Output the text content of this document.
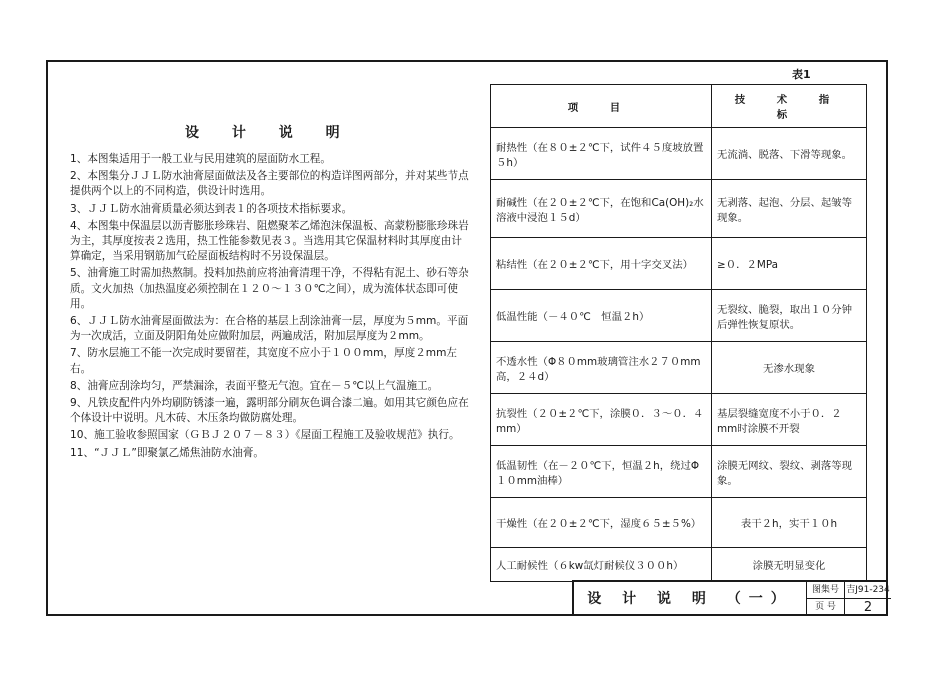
设 计 说 明
1、本图集适用于一般工业与民用建筑的屋面防水工程。
2、本图集分ＪＪＬ防水油膏屋面做法及各主要部位的构造详图两部分，并对某些节点提供两个以上的不同构造，供设计时选用。
3、ＪＪＬ防水油膏质量必须达到表１的各项技术指标要求。
4、本图集中保温层以沥青膨胀珍珠岩、阻燃聚苯乙烯泡沫保温板、高蒙粉膨胀珍珠岩为主，其厚度按表２选用，热工性能参数见表３。当选用其它保温材料时其厚度由计算确定，当采用钢筋加气砼屋面板结构时不另设保温层。
5、油膏施工时需加热熬制。投料加热前应将油膏清理干净，不得粘有泥土、砂石等杂质。文火加热（加热温度必须控制在１２０～１３０℃之间），成为流体状态即可使用。
6、ＪＪＬ防水油膏屋面做法为：在合格的基层上刮涂油膏一层，厚度为５mm。平面为一次成活，立面及阴阳角处应做附加层，两遍成活，附加层厚度为２mm。
7、防水层施工不能一次完成时要留茬，其宽度不应小于１００mm，厚度２mm左右。
8、油膏应刮涂均匀，严禁漏涂，表面平整无气泡。宜在－５℃以上气温施工。
9、凡铁皮配件内外均刷防锈漆一遍，露明部分刷灰色调合漆二遍。如用其它颜色应在个体设计中说明。凡木砖、木压条均做防腐处理。
10、施工验收参照国家（ＧＢＪ２０７－８３）《屋面工程施工及验收规范》执行。
11、“ＪＪＬ”即聚氯乙烯焦油防水油膏。
表1
项 目	技 术 指 标
耐热性（在８０±２℃下，试件４５度坡放置５h）	无流淌、脱落、下滑等现象。
耐碱性（在２０±２℃下，在饱和Ca(OH)₂水溶液中浸泡１５d）	无剥落、起泡、分层、起皱等现象。
粘结性（在２０±２℃下，用十字交叉法）	≥０．２MPa
低温性能（－４０℃　恒温２h）	无裂纹、脆裂，取出１０分钟后弹性恢复原状。
不透水性（Φ８０mm玻璃管注水２７０mm高，２４d）	无渗水现象
抗裂性（２０±２℃下，涂膜０．３～０．４mm）	基层裂缝宽度不小于０．２mm时涂膜不开裂
低温韧性（在－２０℃下，恒温２h，绕过Φ１０mm油棒）	涂膜无网纹、裂纹、剥落等现象。
干燥性（在２０±２℃下，湿度６５±５%）	表干２h，实干１０h
人工耐候性（６kw氙灯耐候仪３００h）	涂膜无明显变化
设 计 说 明 （一）
图集号 吉J91-234
页 号	2
